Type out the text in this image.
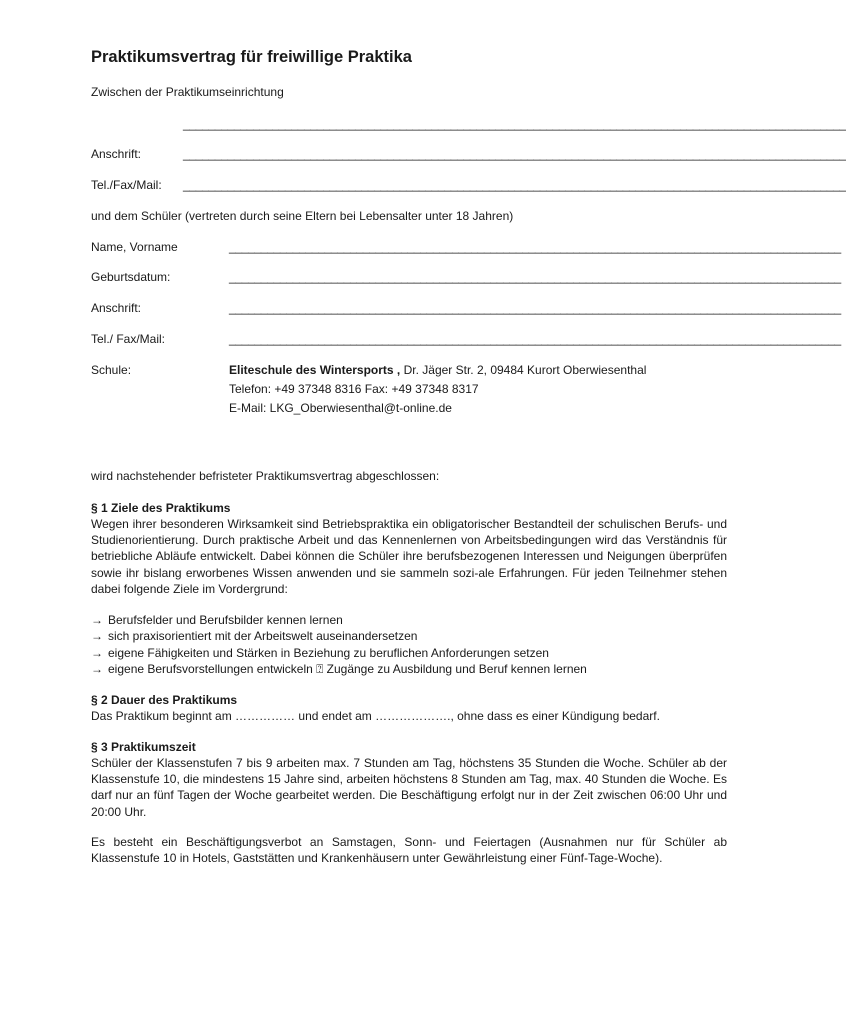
Praktikumsvertrag für freiwillige Praktika
Zwischen der Praktikumseinrichtung
________________________________________________________________________________________________________
Anschrift:	________________________________________________________________________________________________________
Tel./Fax/Mail: ________________________________________________________________________________________________________
und dem Schüler (vertreten durch seine Eltern bei Lebensalter unter 18 Jahren)
Name, Vorname	________________________________________________________________________________________________
Geburtsdatum:	________________________________________________________________________________________________
Anschrift:	________________________________________________________________________________________________
Tel./ Fax/Mail:	________________________________________________________________________________________________
Schule:	Eliteschule des Wintersports , Dr. Jäger Str. 2, 09484 Kurort Oberwiesenthal
Telefon: +49 37348 8316 Fax: +49 37348 8317
E-Mail: LKG_Oberwiesenthal@t-online.de
wird nachstehender befristeter Praktikumsvertrag abgeschlossen:
§ 1 Ziele des Praktikums
Wegen ihrer besonderen Wirksamkeit sind Betriebspraktika ein obligatorischer Bestandteil der schulischen Berufs- und Studienorientierung. Durch praktische Arbeit und das Kennenlernen von Arbeitsbedingungen wird das Verständnis für betriebliche Abläufe entwickelt. Dabei können die Schüler ihre berufsbezogenen Interessen und Neigungen überprüfen sowie ihr bislang erworbenes Wissen anwenden und sie sammeln sozi-ale Erfahrungen. Für jeden Teilnehmer stehen dabei folgende Ziele im Vordergrund:
→ Berufsfelder und Berufsbilder kennen lernen
→ sich praxisorientiert mit der Arbeitswelt auseinandersetzen
→ eigene Fähigkeiten und Stärken in Beziehung zu beruflichen Anforderungen setzen
→ eigene Berufsvorstellungen entwickeln ⍰ Zugänge zu Ausbildung und Beruf kennen lernen
§ 2 Dauer des Praktikums
Das Praktikum beginnt am …………… und endet am ………………., ohne dass es einer Kündigung bedarf.
§ 3 Praktikumszeit
Schüler der Klassenstufen 7 bis 9 arbeiten max. 7 Stunden am Tag, höchstens 35 Stunden die Woche. Schüler ab der Klassenstufe 10, die mindestens 15 Jahre sind, arbeiten höchstens 8 Stunden am Tag, max. 40 Stunden die Woche. Es darf nur an fünf Tagen der Woche gearbeitet werden. Die Beschäftigung erfolgt nur in der Zeit zwischen 06:00 Uhr und 20:00 Uhr.
Es besteht ein Beschäftigungsverbot an Samstagen, Sonn- und Feiertagen (Ausnahmen nur für Schüler ab Klassenstufe 10 in Hotels, Gaststätten und Krankenhäusern unter Gewährleistung einer Fünf-Tage-Woche).
